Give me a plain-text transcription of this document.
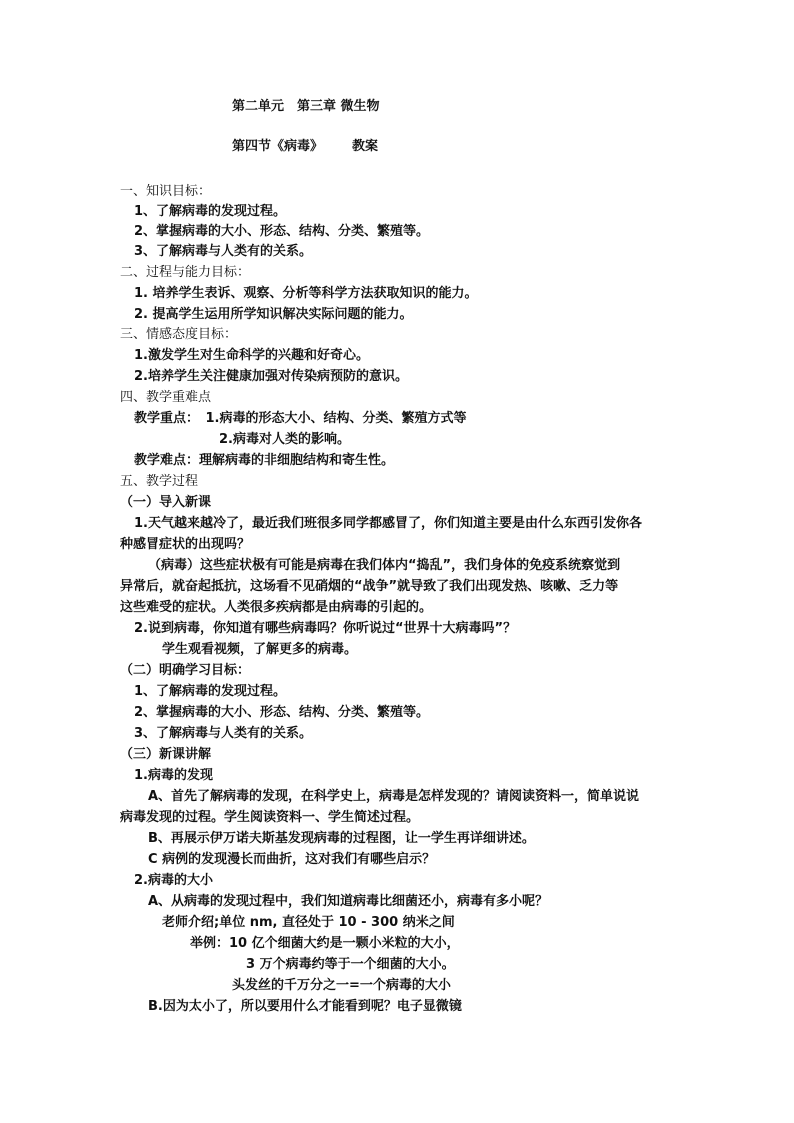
第二单元　第三章 微生物
第四节《病毒》 教案
一、知识目标：
1、了解病毒的发现过程。
2、掌握病毒的大小、形态、结构、分类、繁殖等。
3、了解病毒与人类有的关系。
二、过程与能力目标：
1. 培养学生表诉、观察、分析等科学方法获取知识的能力。
2. 提高学生运用所学知识解决实际问题的能力。
三、情感态度目标：
1.激发学生对生命科学的兴趣和好奇心。
2.培养学生关注健康加强对传染病预防的意识。
四、教学重难点
教学重点：　1.病毒的形态大小、结构、分类、繁殖方式等
2.病毒对人类的影响。
教学难点：理解病毒的非细胞结构和寄生性。
五、教学过程
（一）导入新课
1.天气越来越冷了，最近我们班很多同学都感冒了，你们知道主要是由什么东西引发你各
种感冒症状的出现吗？
（病毒）这些症状极有可能是病毒在我们体内“捣乱”，我们身体的免疫系统察觉到
异常后，就奋起抵抗，这场看不见硝烟的“战争”就导致了我们出现发热、咳嗽、乏力等
这些难受的症状。人类很多疾病都是由病毒的引起的。
2.说到病毒，你知道有哪些病毒吗？你听说过“世界十大病毒吗”？
学生观看视频，了解更多的病毒。
（二）明确学习目标：
1、了解病毒的发现过程。
2、掌握病毒的大小、形态、结构、分类、繁殖等。
3、了解病毒与人类有的关系。
（三）新课讲解
1.病毒的发现
A、首先了解病毒的发现，在科学史上，病毒是怎样发现的？请阅读资料一，简单说说
病毒发现的过程。学生阅读资料一、学生简述过程。
B、再展示伊万诺夫斯基发现病毒的过程图，让一学生再详细讲述。
C 病例的发现漫长而曲折，这对我们有哪些启示？
2.病毒的大小
A、从病毒的发现过程中，我们知道病毒比细菌还小，病毒有多小呢？
老师介绍;单位 nm, 直径处于 10 - 300 纳米之间
举例：10 亿个细菌大约是一颗小米粒的大小，
3 万个病毒约等于一个细菌的大小。
头发丝的千万分之一=一个病毒的大小
B.因为太小了，所以要用什么才能看到呢？电子显微镜
